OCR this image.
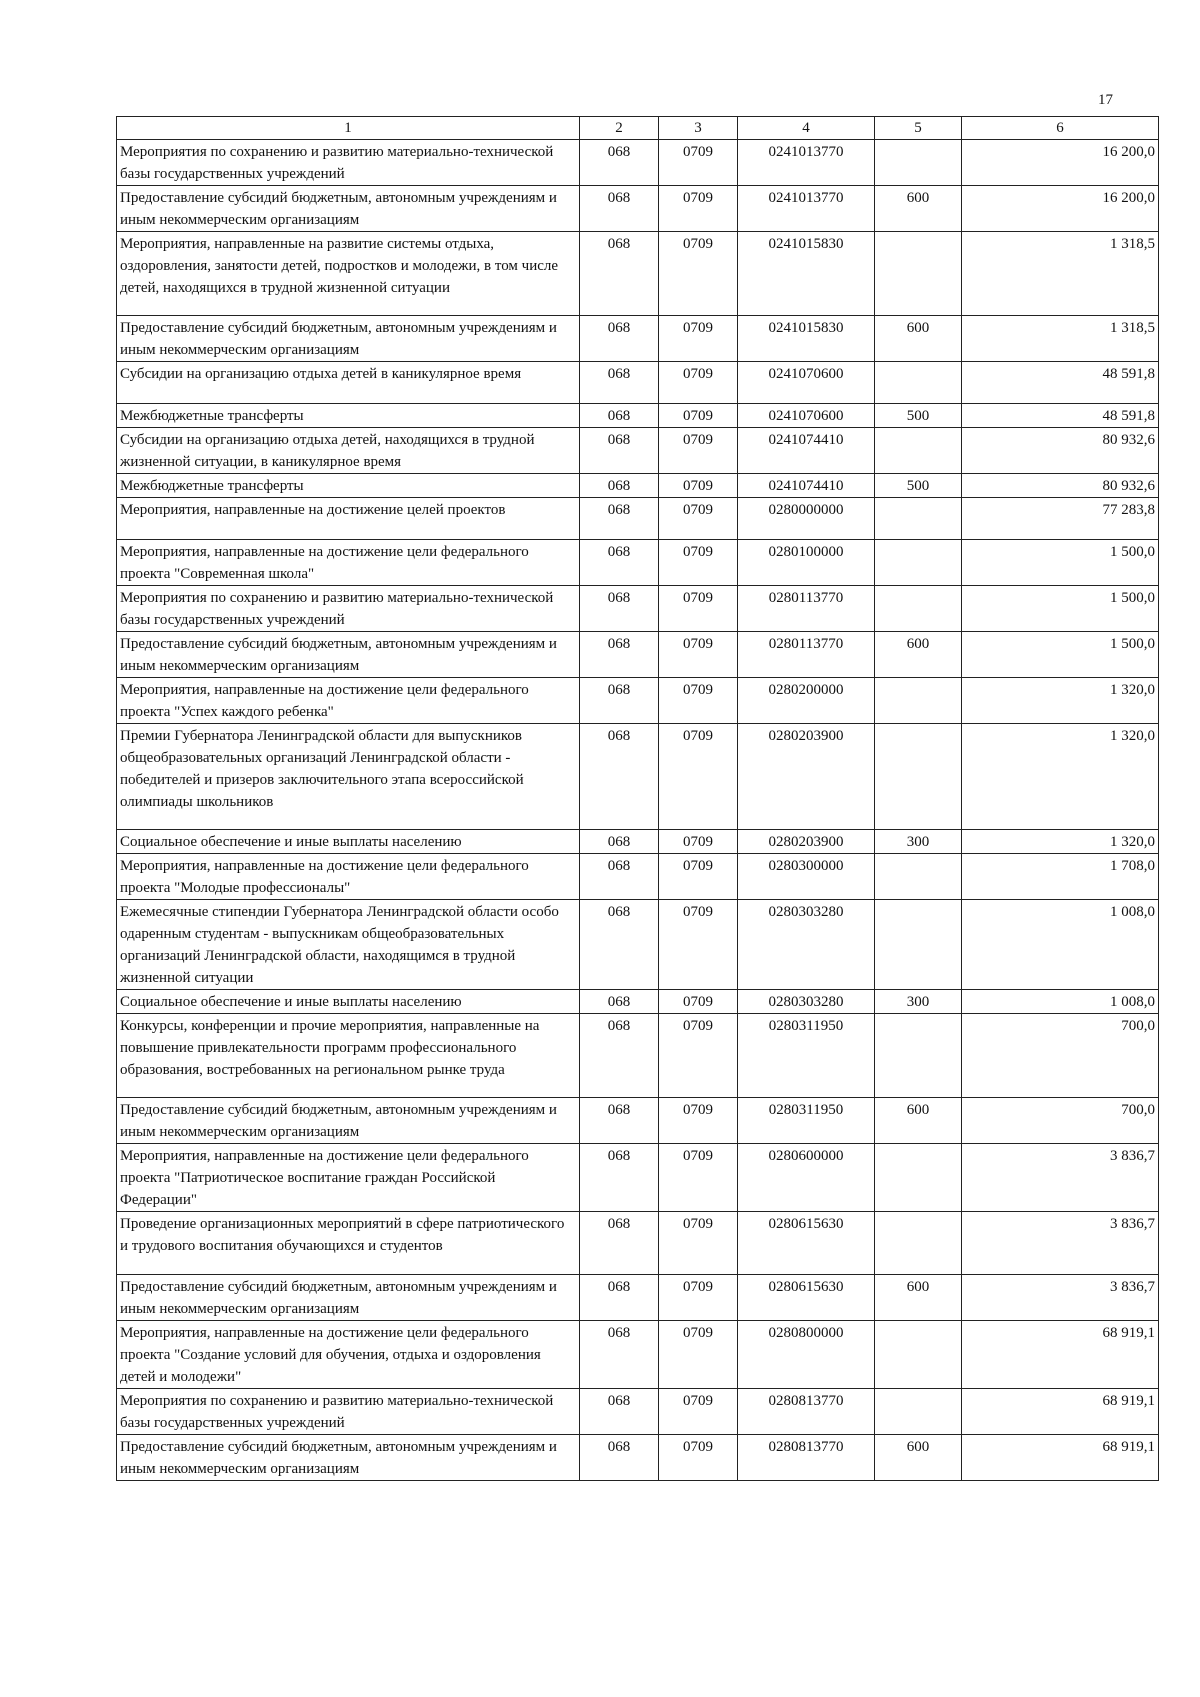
17
1	2	3	4	5	6
Мероприятия по сохранению и развитию материально-технической базы государственных учреждений	068	0709	0241013770		16 200,0
Предоставление субсидий бюджетным, автономным учреждениям и иным некоммерческим организациям	068	0709	0241013770	600	16 200,0
Мероприятия, направленные на развитие системы отдыха, оздоровления, занятости детей, подростков и молодежи, в том числе детей, находящихся в трудной жизненной ситуации	068	0709	0241015830		1 318,5
Предоставление субсидий бюджетным, автономным учреждениям и иным некоммерческим организациям	068	0709	0241015830	600	1 318,5
Субсидии на организацию отдыха детей в каникулярное время	068	0709	0241070600		48 591,8
Межбюджетные трансферты	068	0709	0241070600	500	48 591,8
Субсидии на организацию отдыха детей, находящихся в трудной жизненной ситуации, в каникулярное время	068	0709	0241074410		80 932,6
Межбюджетные трансферты	068	0709	0241074410	500	80 932,6
Мероприятия, направленные на достижение целей проектов	068	0709	0280000000		77 283,8
Мероприятия, направленные на достижение цели федерального проекта "Современная школа"	068	0709	0280100000		1 500,0
Мероприятия по сохранению и развитию материально-технической базы государственных учреждений	068	0709	0280113770		1 500,0
Предоставление субсидий бюджетным, автономным учреждениям и иным некоммерческим организациям	068	0709	0280113770	600	1 500,0
Мероприятия, направленные на достижение цели федерального проекта "Успех каждого ребенка"	068	0709	0280200000		1 320,0
Премии Губернатора Ленинградской области для выпускников общеобразовательных организаций Ленинградской области - победителей и призеров заключительного этапа всероссийской олимпиады школьников	068	0709	0280203900		1 320,0
Социальное обеспечение и иные выплаты населению	068	0709	0280203900	300	1 320,0
Мероприятия, направленные на достижение цели федерального проекта "Молодые профессионалы"	068	0709	0280300000		1 708,0
Ежемесячные стипендии Губернатора Ленинградской области особо одаренным студентам - выпускникам общеобразовательных организаций Ленинградской области, находящимся в трудной жизненной ситуации	068	0709	0280303280		1 008,0
Социальное обеспечение и иные выплаты населению	068	0709	0280303280	300	1 008,0
Конкурсы, конференции и прочие мероприятия, направленные на повышение привлекательности программ профессионального образования, востребованных на региональном рынке труда	068	0709	0280311950		700,0
Предоставление субсидий бюджетным, автономным учреждениям и иным некоммерческим организациям	068	0709	0280311950	600	700,0
Мероприятия, направленные на достижение цели федерального проекта "Патриотическое воспитание граждан Российской Федерации"	068	0709	0280600000		3 836,7
Проведение организационных мероприятий в сфере патриотического и трудового воспитания обучающихся и студентов	068	0709	0280615630		3 836,7
Предоставление субсидий бюджетным, автономным учреждениям и иным некоммерческим организациям	068	0709	0280615630	600	3 836,7
Мероприятия, направленные на достижение цели федерального проекта "Создание условий для обучения, отдыха и оздоровления детей и молодежи"	068	0709	0280800000		68 919,1
Мероприятия по сохранению и развитию материально-технической базы государственных учреждений	068	0709	0280813770		68 919,1
Предоставление субсидий бюджетным, автономным учреждениям и иным некоммерческим организациям	068	0709	0280813770	600	68 919,1
